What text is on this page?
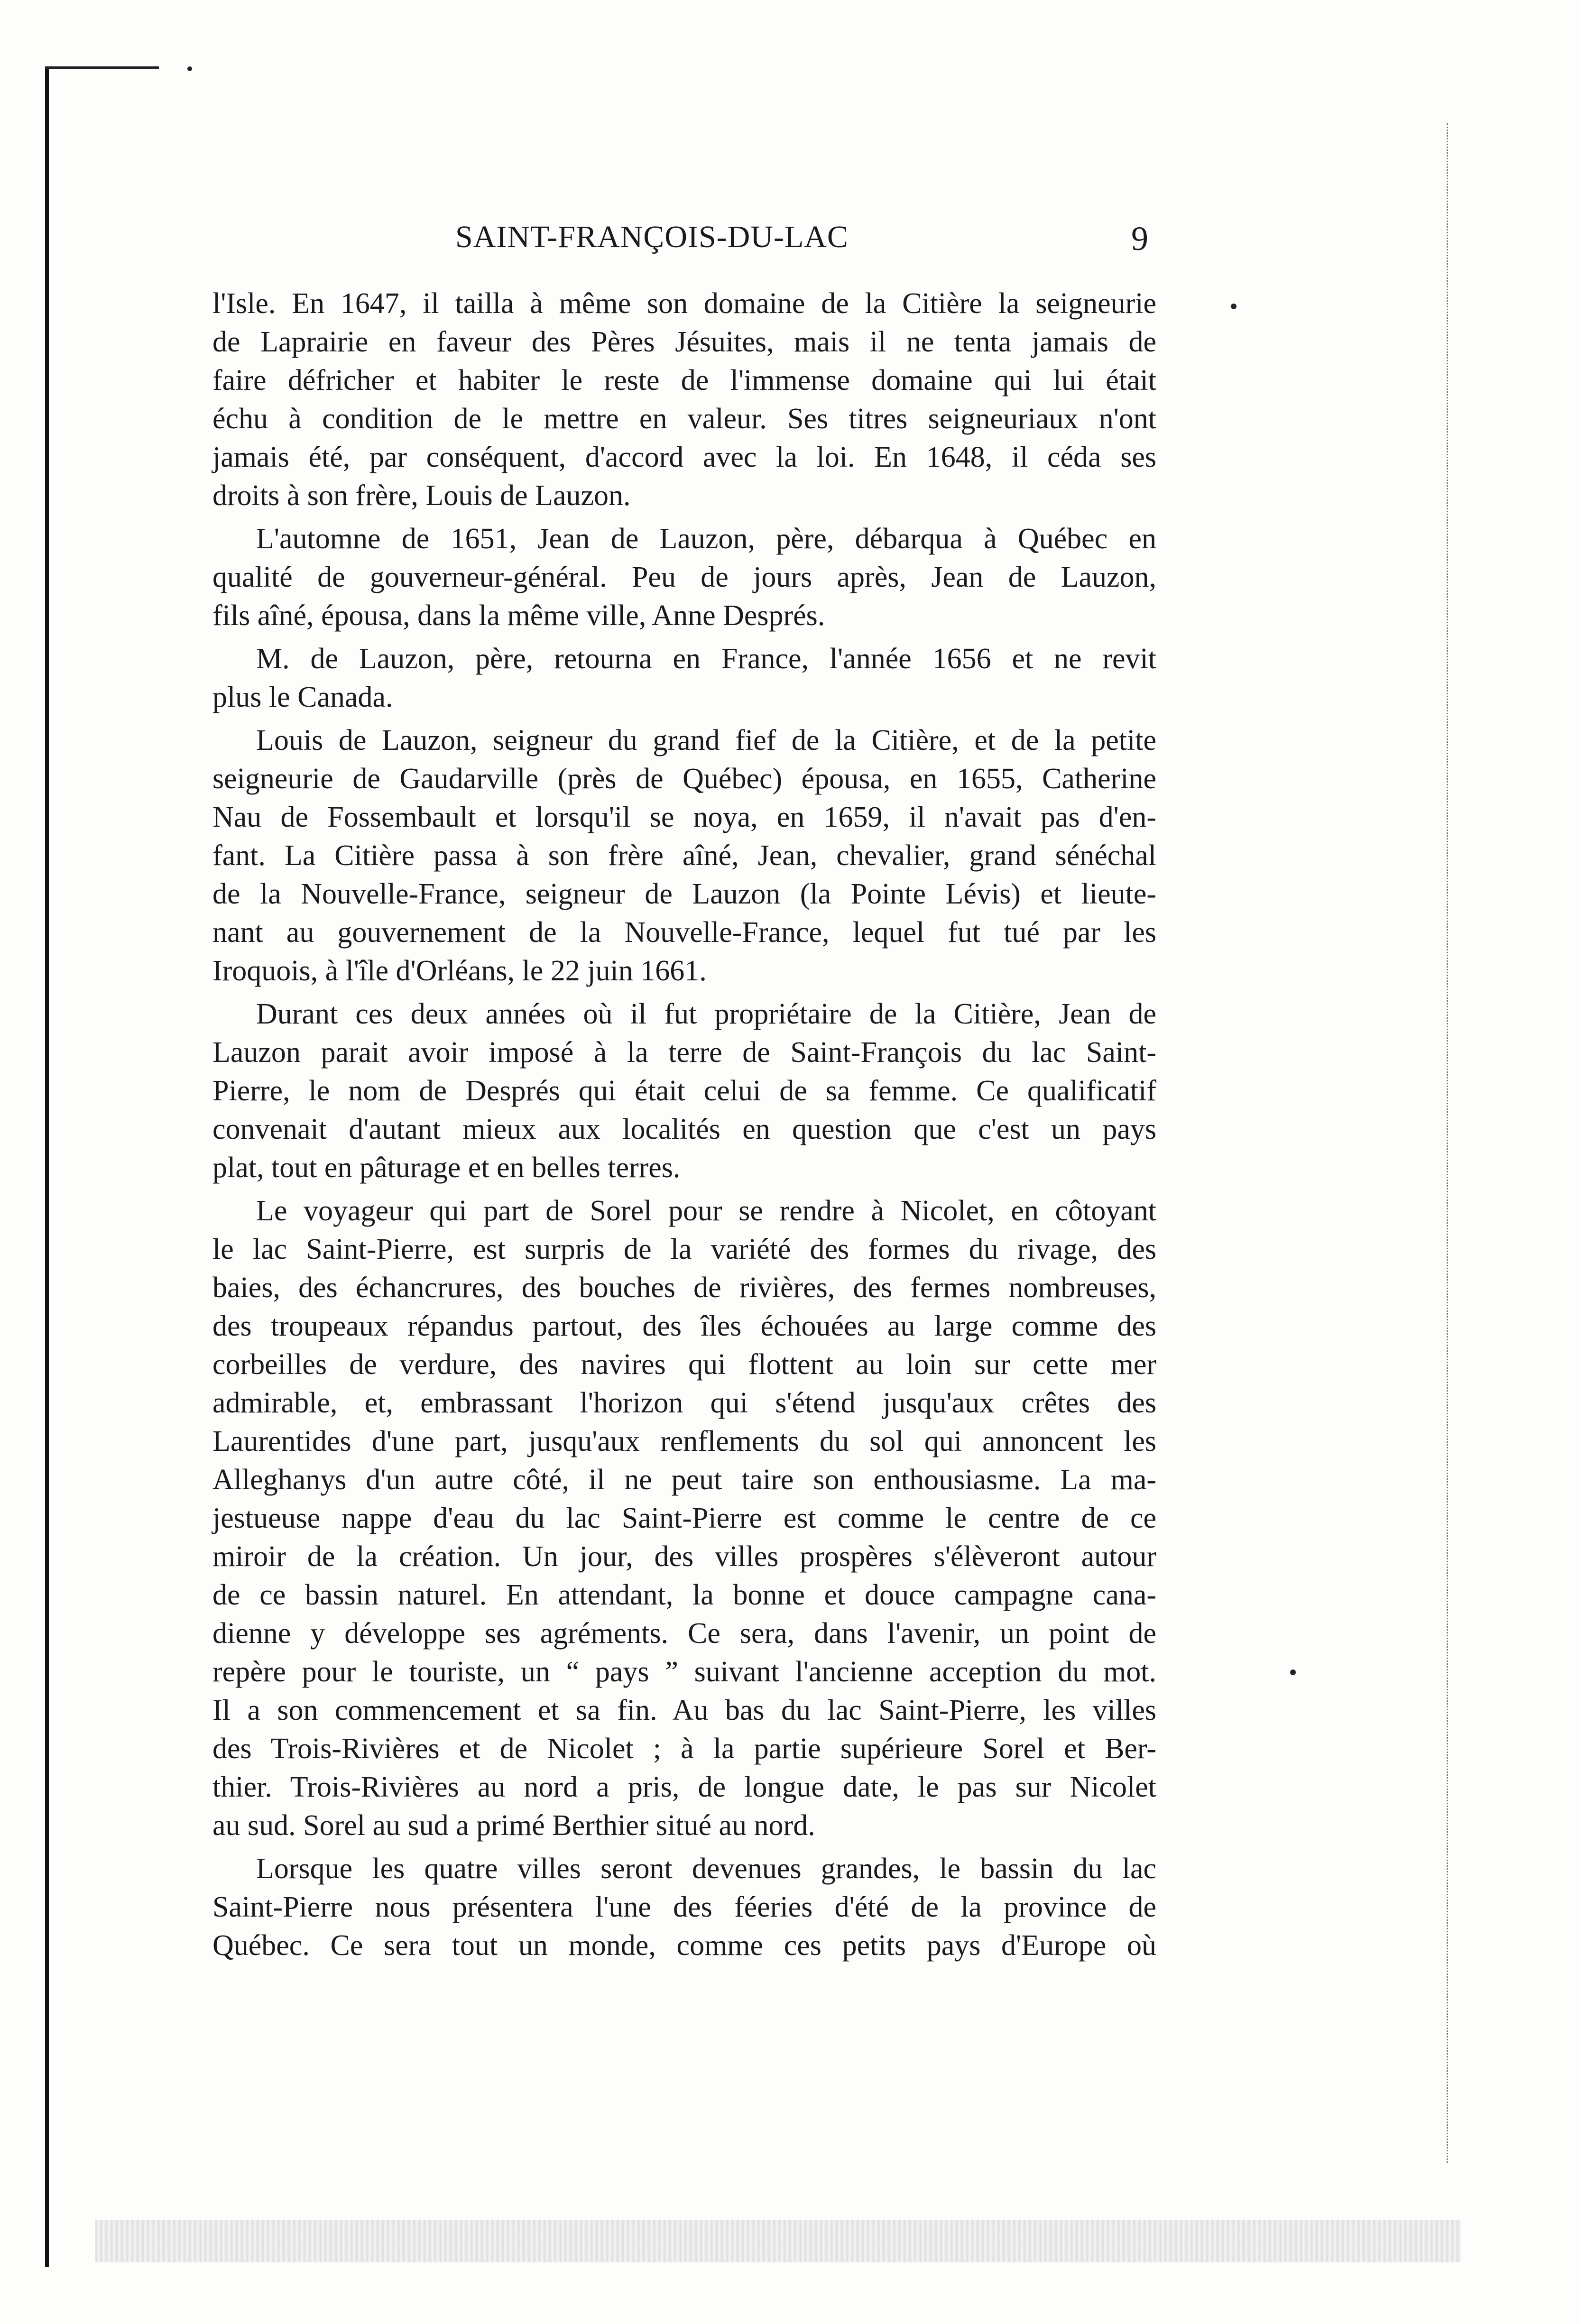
SAINT-FRANÇOIS-DU-LAC	9
l'Isle. En 1647, il tailla à même son domaine de la Citière la seigneurie
de Laprairie en faveur des Pères Jésuites, mais il ne tenta jamais de
faire défricher et habiter le reste de l'immense domaine qui lui était
échu à condition de le mettre en valeur. Ses titres seigneuriaux n'ont
jamais été, par conséquent, d'accord avec la loi. En 1648, il céda ses
droits à son frère, Louis de Lauzon.
L'automne de 1651, Jean de Lauzon, père, débarqua à Québec en
qualité de gouverneur-général. Peu de jours après, Jean de Lauzon,
fils aîné, épousa, dans la même ville, Anne Després.
M. de Lauzon, père, retourna en France, l'année 1656 et ne revit
plus le Canada.
Louis de Lauzon, seigneur du grand fief de la Citière, et de la petite
seigneurie de Gaudarville (près de Québec) épousa, en 1655, Catherine
Nau de Fossembault et lorsqu'il se noya, en 1659, il n'avait pas d'en-
fant. La Citière passa à son frère aîné, Jean, chevalier, grand sénéchal
de la Nouvelle-France, seigneur de Lauzon (la Pointe Lévis) et lieute-
nant au gouvernement de la Nouvelle-France, lequel fut tué par les
Iroquois, à l'île d'Orléans, le 22 juin 1661.
Durant ces deux années où il fut propriétaire de la Citière, Jean de
Lauzon parait avoir imposé à la terre de Saint-François du lac Saint-
Pierre, le nom de Després qui était celui de sa femme. Ce qualificatif
convenait d'autant mieux aux localités en question que c'est un pays
plat, tout en pâturage et en belles terres.
Le voyageur qui part de Sorel pour se rendre à Nicolet, en côtoyant
le lac Saint-Pierre, est surpris de la variété des formes du rivage, des
baies, des échancrures, des bouches de rivières, des fermes nombreuses,
des troupeaux répandus partout, des îles échouées au large comme des
corbeilles de verdure, des navires qui flottent au loin sur cette mer
admirable, et, embrassant l'horizon qui s'étend jusqu'aux crêtes des
Laurentides d'une part, jusqu'aux renflements du sol qui annoncent les
Alleghanys d'un autre côté, il ne peut taire son enthousiasme. La ma-
jestueuse nappe d'eau du lac Saint-Pierre est comme le centre de ce
miroir de la création. Un jour, des villes prospères s'élèveront autour
de ce bassin naturel. En attendant, la bonne et douce campagne cana-
dienne y développe ses agréments. Ce sera, dans l'avenir, un point de
repère pour le touriste, un “ pays ” suivant l'ancienne acception du mot.
Il a son commencement et sa fin. Au bas du lac Saint-Pierre, les villes
des Trois-Rivières et de Nicolet ; à la partie supérieure Sorel et Ber-
thier. Trois-Rivières au nord a pris, de longue date, le pas sur Nicolet
au sud. Sorel au sud a primé Berthier situé au nord.
Lorsque les quatre villes seront devenues grandes, le bassin du lac
Saint-Pierre nous présentera l'une des féeries d'été de la province de
Québec. Ce sera tout un monde, comme ces petits pays d'Europe où
